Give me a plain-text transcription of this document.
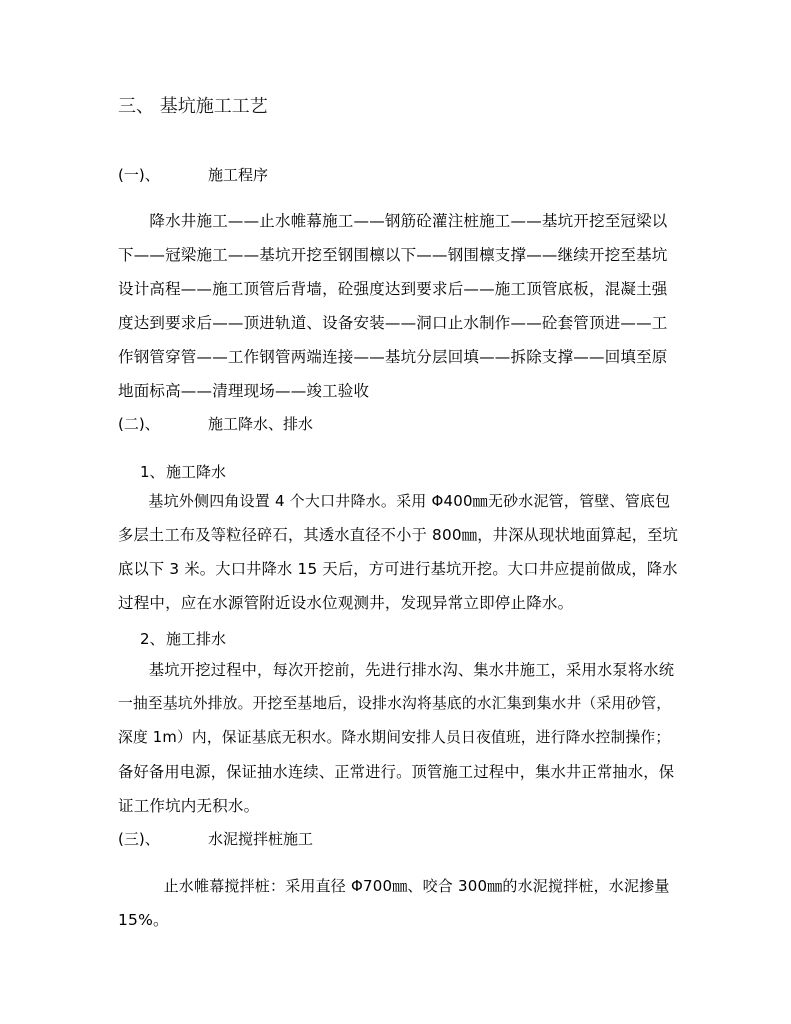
三、 基坑施工工艺
(一)、	施工程序
　　降水井施工——止水帷幕施工——钢筋砼灌注桩施工——基坑开挖至冠梁以
下——冠梁施工——基坑开挖至钢围檩以下——钢围檩支撑——继续开挖至基坑
设计高程——施工顶管后背墙，砼强度达到要求后——施工顶管底板，混凝土强
度达到要求后——顶进轨道、设备安装——洞口止水制作——砼套管顶进——工
作钢管穿管——工作钢管两端连接——基坑分层回填——拆除支撑——回填至原
地面标高——清理现场——竣工验收
(二)、	施工降水、排水
1、 施工降水
　　基坑外侧四角设置 4 个大口井降水。采用 Φ400㎜无砂水泥管，管壁、管底包
多层土工布及等粒径碎石，其透水直径不小于 800㎜，井深从现状地面算起，至坑
底以下 3 米。大口井降水 15 天后，方可进行基坑开挖。大口井应提前做成，降水
过程中，应在水源管附近设水位观测井，发现异常立即停止降水。
2、 施工排水
　　基坑开挖过程中，每次开挖前，先进行排水沟、集水井施工，采用水泵将水统
一抽至基坑外排放。开挖至基地后，设排水沟将基底的水汇集到集水井（采用砂管，
深度 1m）内，保证基底无积水。降水期间安排人员日夜值班，进行降水控制操作；
备好备用电源，保证抽水连续、正常进行。顶管施工过程中，集水井正常抽水，保
证工作坑内无积水。
(三)、	水泥搅拌桩施工
　　　止水帷幕搅拌桩：采用直径 Φ700㎜、咬合 300㎜的水泥搅拌桩，水泥掺量
15%。
